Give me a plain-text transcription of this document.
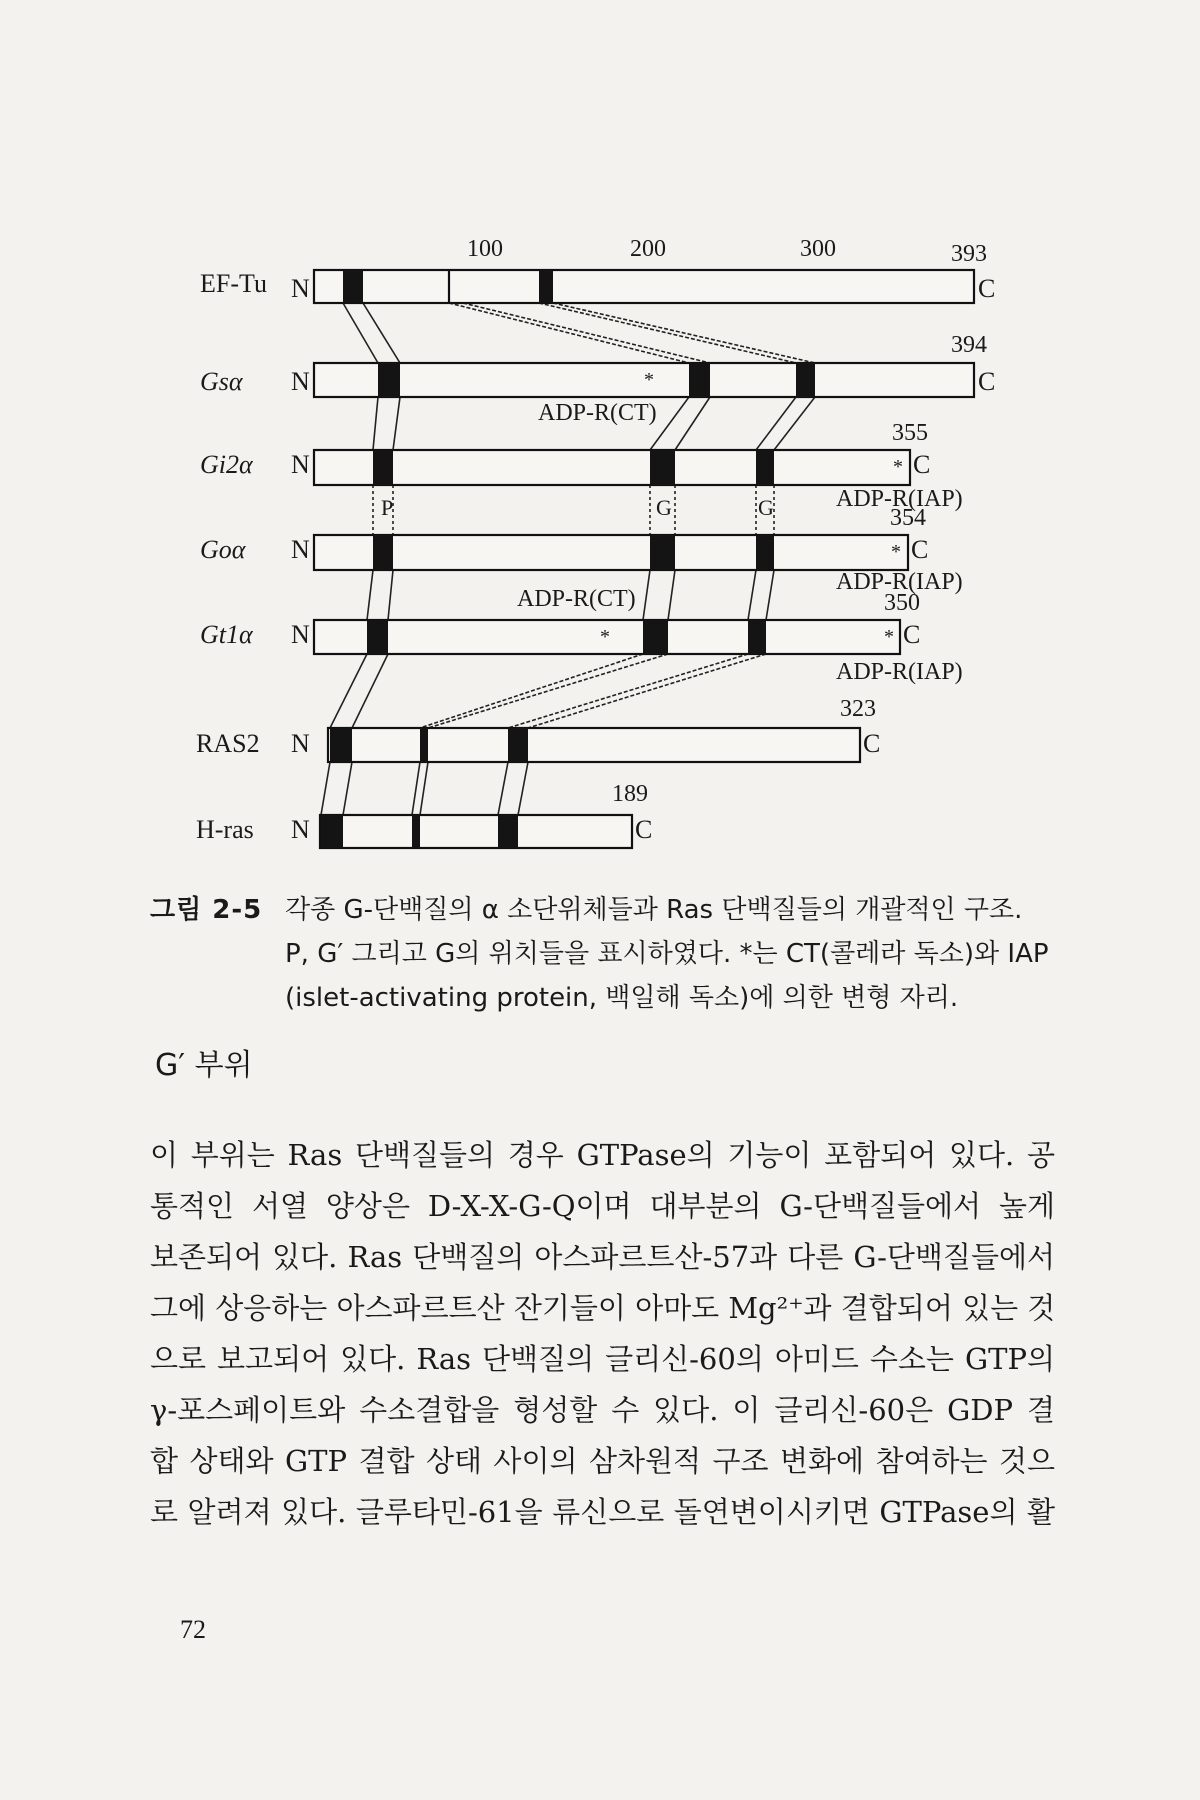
100	200	300
EF-Tu
Gsα
Gi2α
Goα
Gt1α
RAS2
H-ras
N
N
N
N
N
N
N
C
C
C
C
C
C
C
393
394
355
354
350
323
189
*
*
*
*	*
ADP-R(CT)
ADP-R(CT)
ADP-R(IAP)
ADP-R(IAP)
ADP-R(IAP)
P	G	G
그림 2-5 각종 G-단백질의 α 소단위체들과 Ras 단백질들의 개괄적인 구조.
P, G′ 그리고 G의 위치들을 표시하였다. *는 CT(콜레라 독소)와 IAP
(islet-activating protein, 백일해 독소)에 의한 변형 자리.
G′ 부위
이 부위는 Ras 단백질들의 경우 GTPase의 기능이 포함되어 있다. 공
통적인 서열 양상은 D-X-X-G-Q이며 대부분의 G-단백질들에서 높게
보존되어 있다. Ras 단백질의 아스파르트산-57과 다른 G-단백질들에서
그에 상응하는 아스파르트산 잔기들이 아마도 Mg²⁺과 결합되어 있는 것
으로 보고되어 있다. Ras 단백질의 글리신-60의 아미드 수소는 GTP의
γ-포스페이트와 수소결합을 형성할 수 있다. 이 글리신-60은 GDP 결
합 상태와 GTP 결합 상태 사이의 삼차원적 구조 변화에 참여하는 것으
로 알려져 있다. 글루타민-61을 류신으로 돌연변이시키면 GTPase의 활
72
